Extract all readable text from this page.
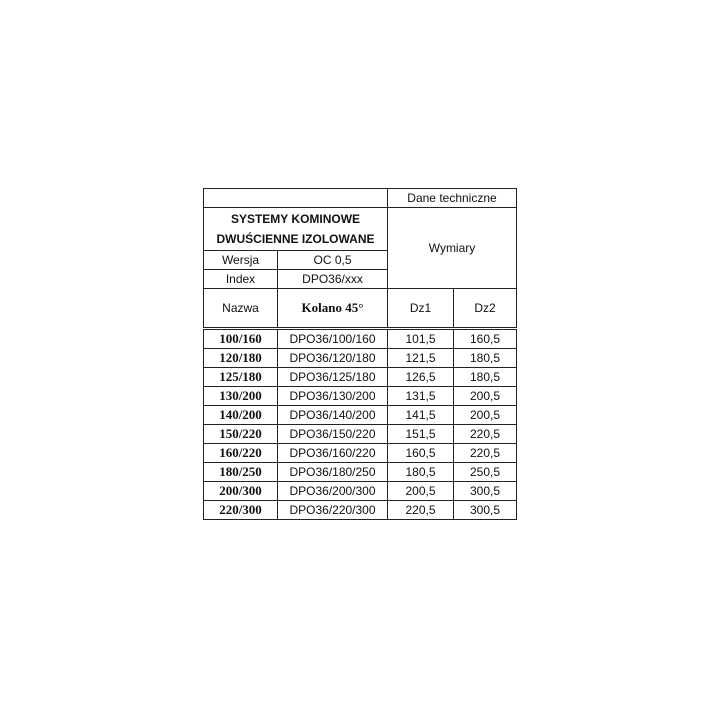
		Dane techniczne	

SYSTEMY KOMINOWE
DWUŚCIENNE IZOLOWANE		Wymiary	
Wersja	OC 0,5		
Index	DPO36/xxx		
Nazwa	Kolano 45°	Dz1	Dz2
100/160	DPO36/100/160	101,5	160,5
120/180	DPO36/120/180	121,5	180,5
125/180	DPO36/125/180	126,5	180,5
130/200	DPO36/130/200	131,5	200,5
140/200	DPO36/140/200	141,5	200,5
150/220	DPO36/150/220	151,5	220,5
160/220	DPO36/160/220	160,5	220,5
180/250	DPO36/180/250	180,5	250,5
200/300	DPO36/200/300	200,5	300,5
220/300	DPO36/220/300	220,5	300,5
